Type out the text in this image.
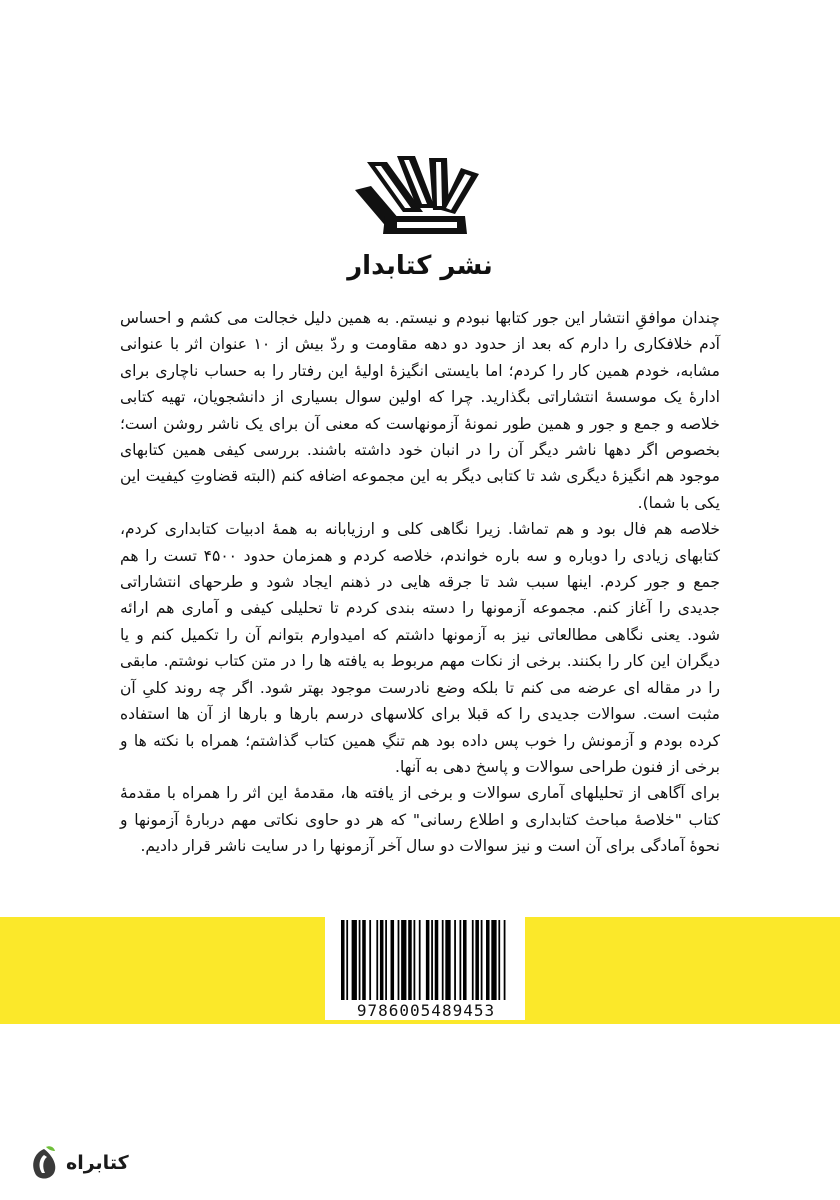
نشر کتابدار

چندان موافقِ انتشار این جور کتابها نبودم و نیستم. به همین دلیل خجالت می کشم و احساس آدم خلافکاری را دارم که بعد از حدود دو دهه مقاومت و ردّ بیش از ۱۰ عنوان اثر با عنوانی مشابه، خودم همین کار را کردم؛ اما بایستی انگیزهٔ اولیهٔ این رفتار را به حساب ناچاری برای ادارهٔ یک موسسهٔ انتشاراتی بگذارید. چرا که اولین سوال بسیاری از دانشجویان، تهیه کتابی خلاصه و جمع و جور و همین طور نمونهٔ آزمونهاست که معنی آن برای یک ناشر روشن است؛ بخصوص اگر دهها ناشر دیگر آن را در انبان خود داشته باشند. بررسی کیفی همین کتابهای موجود هم انگیزهٔ دیگری شد تا کتابی دیگر به این مجموعه اضافه کنم (البته قضاوتِ کیفیت این یکی با شما).

خلاصه هم فال بود و هم تماشا. زیرا نگاهی کلی و ارزیابانه به همهٔ ادبیات کتابداری کردم، کتابهای زیادی را دوباره و سه باره خواندم، خلاصه کردم و همزمان حدود ۴۵۰۰ تست را هم جمع و جور کردم. اینها سبب شد تا جرقه هایی در ذهنم ایجاد شود و طرحهای انتشاراتی جدیدی را آغاز کنم. مجموعه آزمونها را دسته بندی کردم تا تحلیلی کیفی و آماری هم ارائه شود. یعنی نگاهی مطالعاتی نیز به آزمونها داشتم که امیدوارم بتوانم آن را تکمیل کنم و یا دیگران این کار را بکنند. برخی از نکات مهم مربوط به یافته ها را در متن کتاب نوشتم. مابقی را در مقاله ای عرضه می کنم تا بلکه وضع نادرست موجود بهتر شود. اگر چه روند کلیِ آن مثبت است. سوالات جدیدی را که قبلا برای کلاسهای درسم بارها و بارها از آن ها استفاده کرده بودم و آزمونش را خوب پس داده بود هم تنگِ همین کتاب گذاشتم؛ همراه با نکته ها و برخی از فنون طراحی سوالات و پاسخ دهی به آنها.

برای آگاهی از تحلیلهای آماری سوالات و برخی از یافته ها، مقدمهٔ این اثر را همراه با مقدمهٔ کتاب "خلاصهٔ مباحث کتابداری و اطلاع رسانی" که هر دو حاوی نکاتی مهم دربارهٔ آزمونها و نحوهٔ آمادگی برای آن است و نیز سوالات دو سال آخر آزمونها را در سایت ناشر قرار دادیم.

9786005489453
کتابراه
